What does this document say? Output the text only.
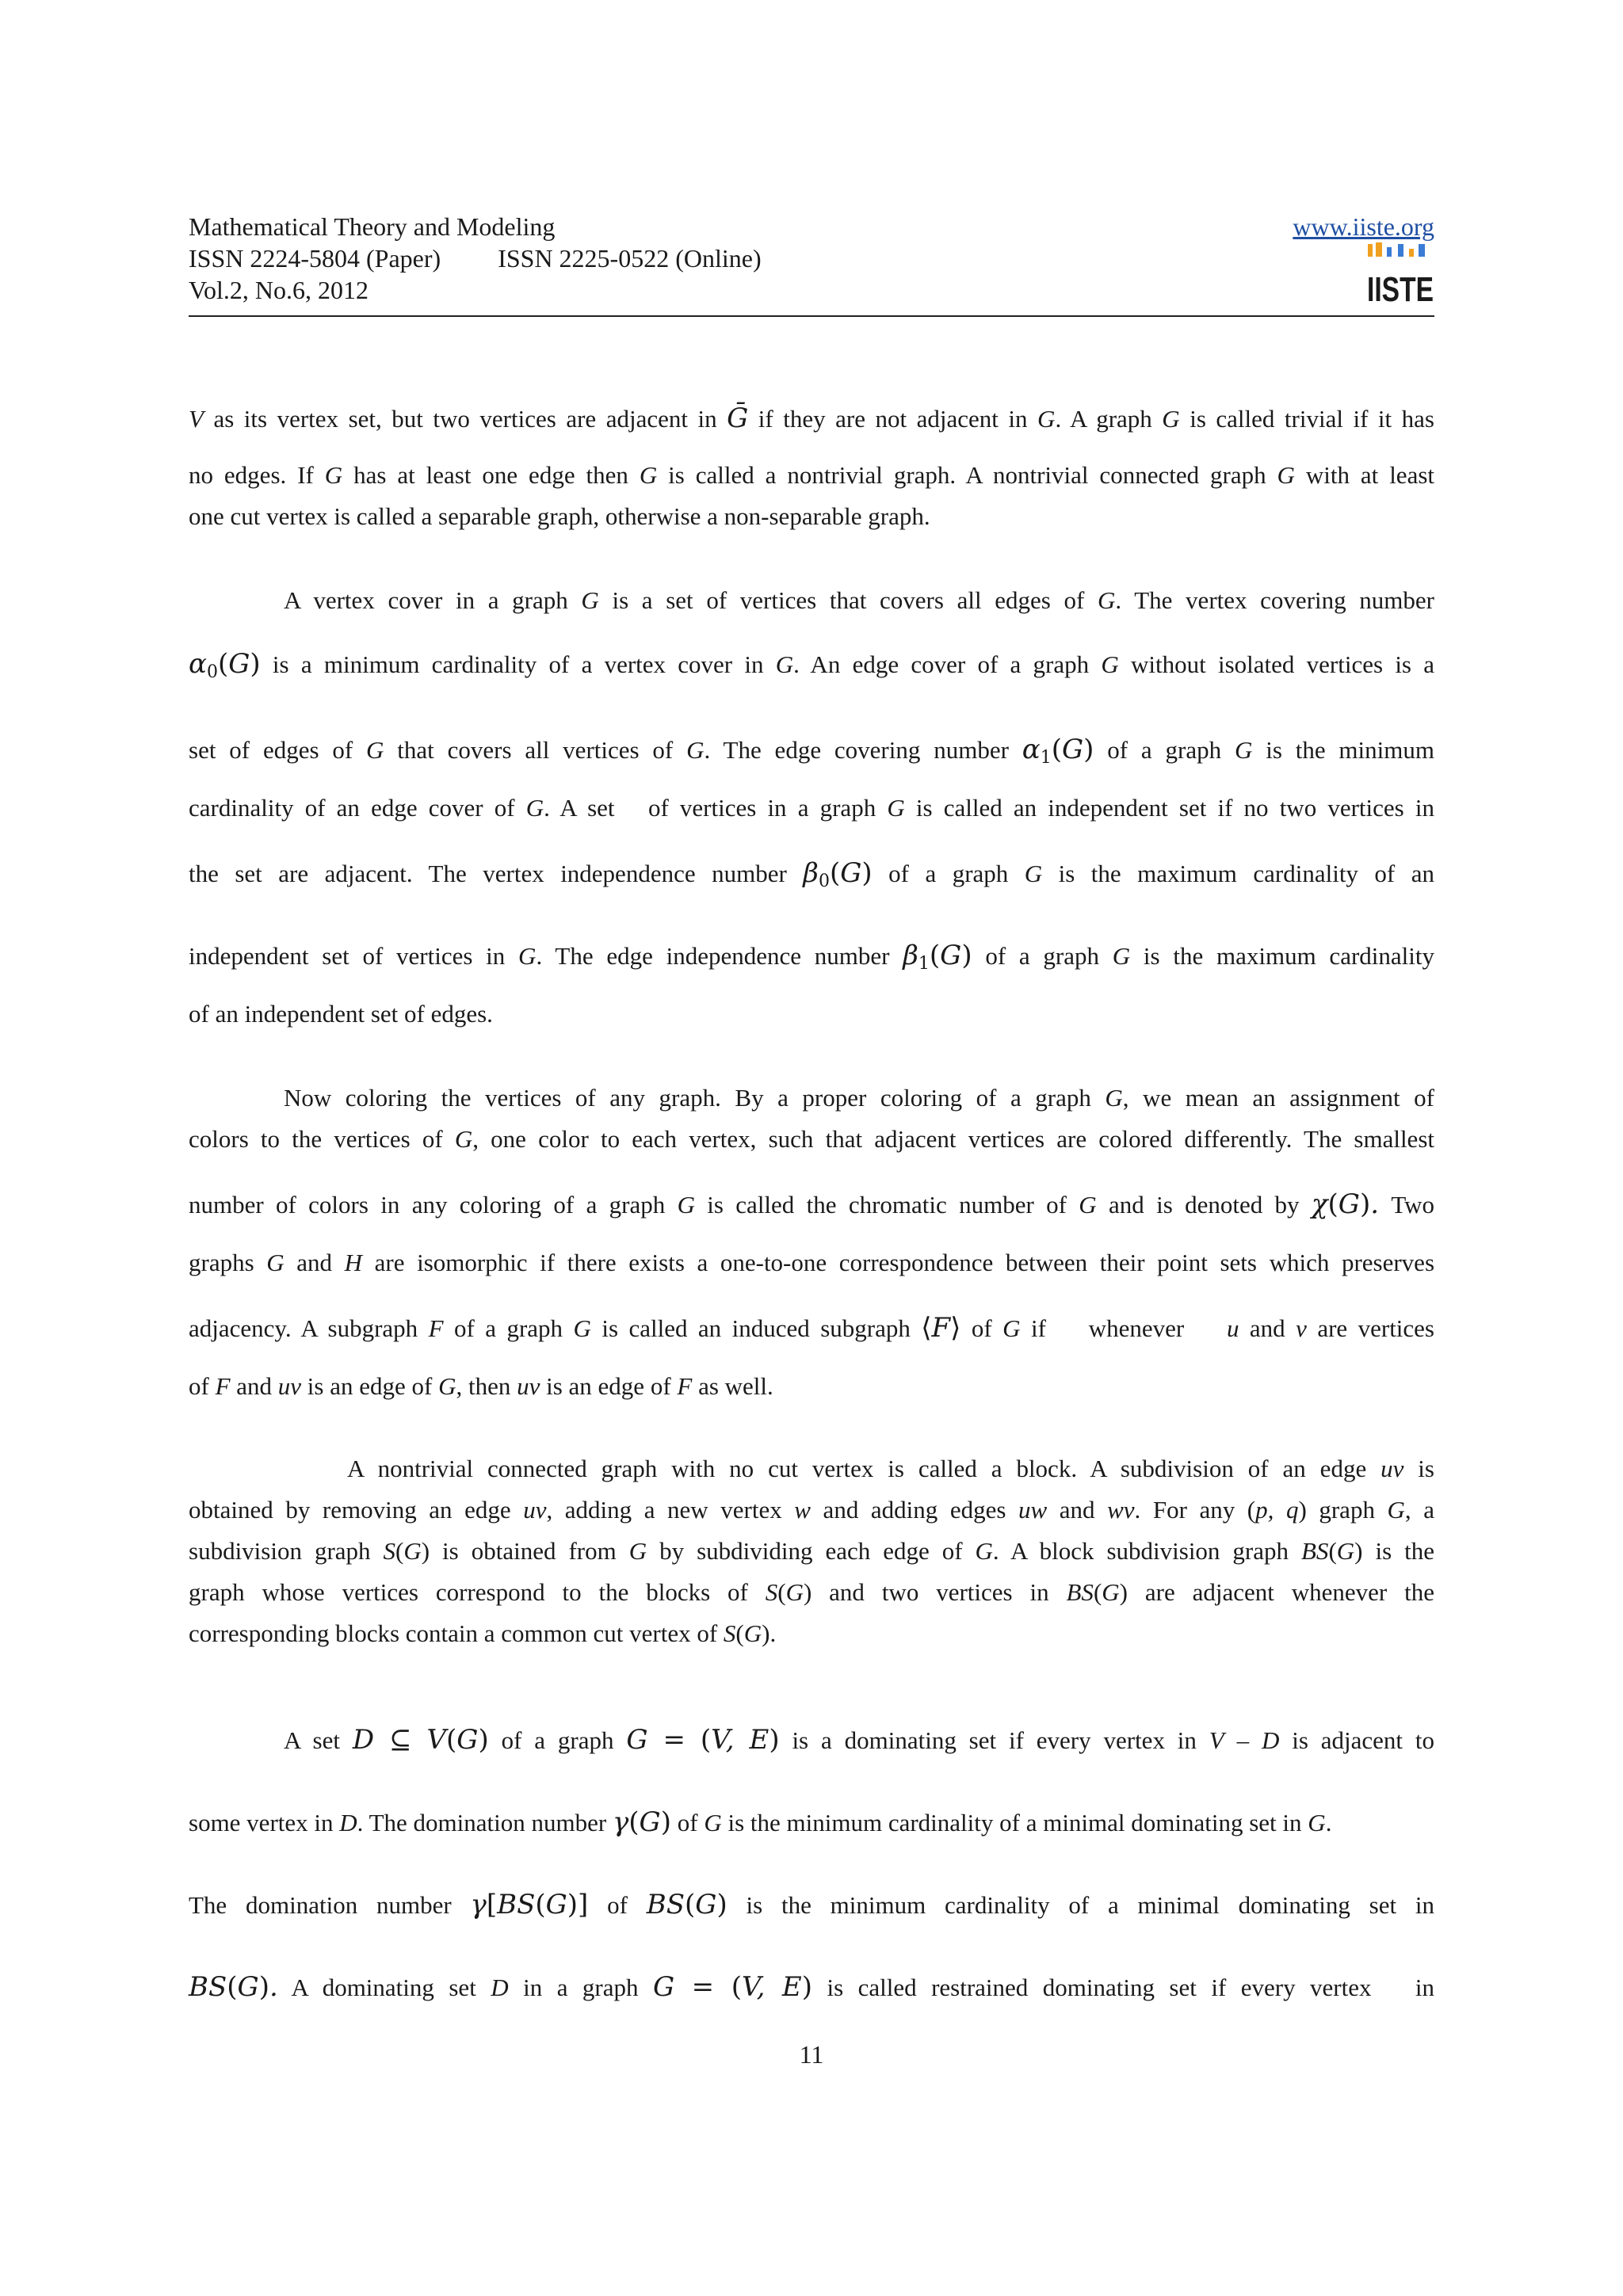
Mathematical Theory and Modeling
ISSN 2224-5804 (Paper) ISSN 2225-0522 (Online)
Vol.2, No.6, 2012
www.iiste.org
IISTE
V as its vertex set, but two vertices are adjacent in Ḡ if they are not adjacent in G. A graph G is called trivial if it has
no edges. If G has at least one edge then G is called a nontrivial graph. A nontrivial connected graph G with at least
one cut vertex is called a separable graph, otherwise a non-separable graph.
A vertex cover in a graph G is a set of vertices that covers all edges of G. The vertex covering number
$\alpha_0(G)$ is a minimum cardinality of a vertex cover in G. An edge cover of a graph G without isolated vertices is a
set of edges of G that covers all vertices of G. The edge covering number $\alpha_1(G)$ of a graph G is the minimum
cardinality of an edge cover of G. A set   of vertices in a graph G is called an independent set if no two vertices in
the set are adjacent. The vertex independence number $\beta_0(G)$ of a graph G is the maximum cardinality of an
independent set of vertices in G. The edge independence number $\beta_1(G)$ of a graph G is the maximum cardinality
of an independent set of edges.
Now coloring the vertices of any graph. By a proper coloring of a graph G, we mean an assignment of
colors to the vertices of G, one color to each vertex, such that adjacent vertices are colored differently. The smallest
number of colors in any coloring of a graph G is called the chromatic number of G and is denoted by χ(G). Two
graphs G and H are isomorphic if there exists a one-to-one correspondence between their point sets which preserves
adjacency. A subgraph F of a graph G is called an induced subgraph ⟨F⟩ of G if    whenever    u and v are vertices
of F and uv is an edge of G, then uv is an edge of F as well.
A nontrivial connected graph with no cut vertex is called a block. A subdivision of an edge uv is
obtained by removing an edge uv, adding a new vertex w and adding edges uw and wv. For any (p, q) graph G, a
subdivision graph S(G) is obtained from G by subdividing each edge of G. A block subdivision graph BS(G) is the
graph whose vertices correspond to the blocks of S(G) and two vertices in BS(G) are adjacent whenever the
corresponding blocks contain a common cut vertex of S(G).
A set D ⊆ V(G) of a graph G = (V, E) is a dominating set if every vertex in V – D is adjacent to
some vertex in D. The domination number γ(G) of G is the minimum cardinality of a minimal dominating set in G.
The domination number γ[BS(G)] of BS(G) is the minimum cardinality of a minimal dominating set in
BS(G). A dominating set D in a graph G = (V, E) is called restrained dominating set if every vertex   in
11
